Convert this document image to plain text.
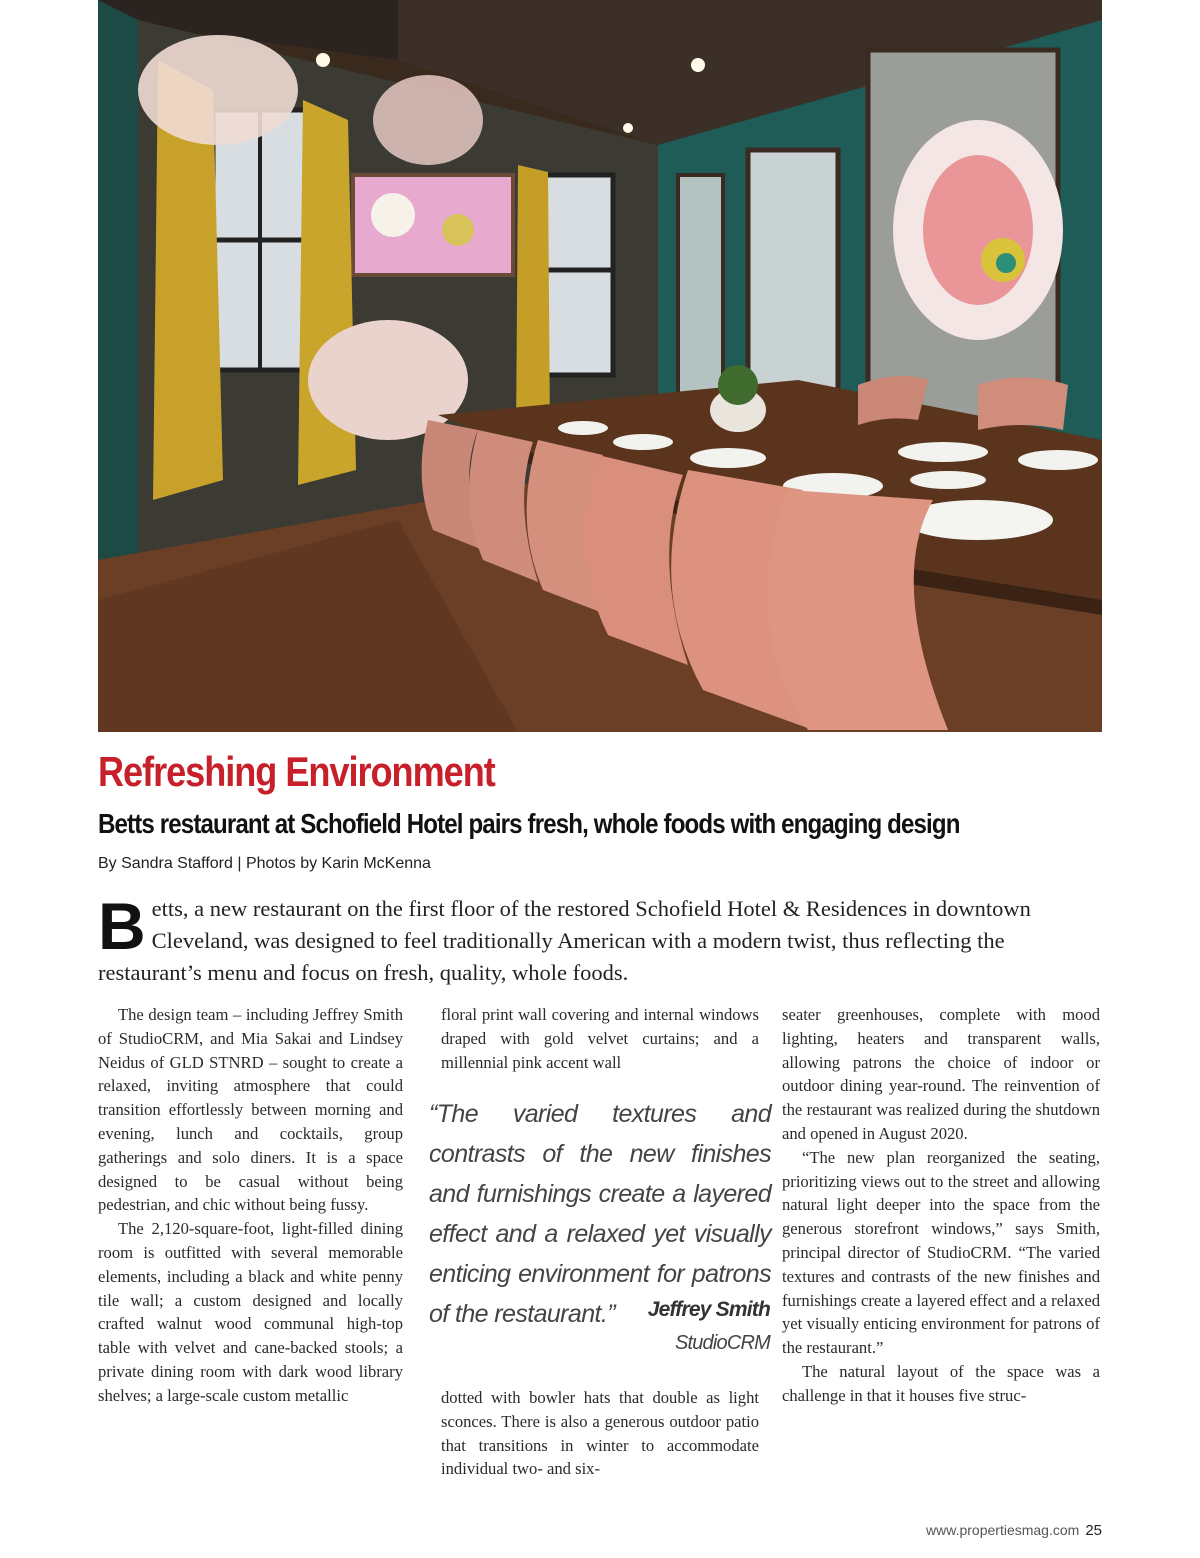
Refreshing Environment
Betts restaurant at Schofield Hotel pairs fresh, whole foods with engaging design
By Sandra Stafford | Photos by Karin McKenna

Betts, a new restaurant on the first floor of the restored Schofield Hotel & Residences in downtown Cleveland, was designed to feel traditionally American with a modern twist, thus reflecting the restaurant’s menu and focus on fresh, quality, whole foods.

The design team – including Jeffrey Smith of StudioCRM, and Mia Sakai and Lindsey Neidus of GLD STNRD – sought to create a relaxed, inviting atmosphere that could transition effortlessly between morning and evening, lunch and cocktails, group gatherings and solo diners. It is a space designed to be casual without being pedestrian, and chic without being fussy.

The 2,120-square-foot, light-filled dining room is outfitted with several memorable elements, including a black and white penny tile wall; a custom designed and locally crafted walnut wood communal high-top table with velvet and cane-backed stools; a private dining room with dark wood library shelves; a large-scale custom metallic

floral print wall covering and internal windows draped with gold velvet curtains; and a millennial pink accent wall

“The varied textures and contrasts of the new finishes and furnishings create a layered effect and a relaxed yet visually enticing environment for patrons of the restaurant.”	Jeffrey Smith
StudioCRM

dotted with bowler hats that double as light sconces. There is also a generous outdoor patio that transitions in winter to accommodate individual two- and six-

seater greenhouses, complete with mood lighting, heaters and transparent walls, allowing patrons the choice of indoor or outdoor dining year-round. The reinvention of the restaurant was realized during the shutdown and opened in August 2020.

“The new plan reorganized the seating, prioritizing views out to the street and allowing natural light deeper into the space from the generous storefront windows,” says Smith, principal director of StudioCRM. “The varied textures and contrasts of the new finishes and furnishings create a layered effect and a relaxed yet visually enticing environment for patrons of the restaurant.”

The natural layout of the space was a challenge in that it houses five struc-

www.propertiesmag.com 25
